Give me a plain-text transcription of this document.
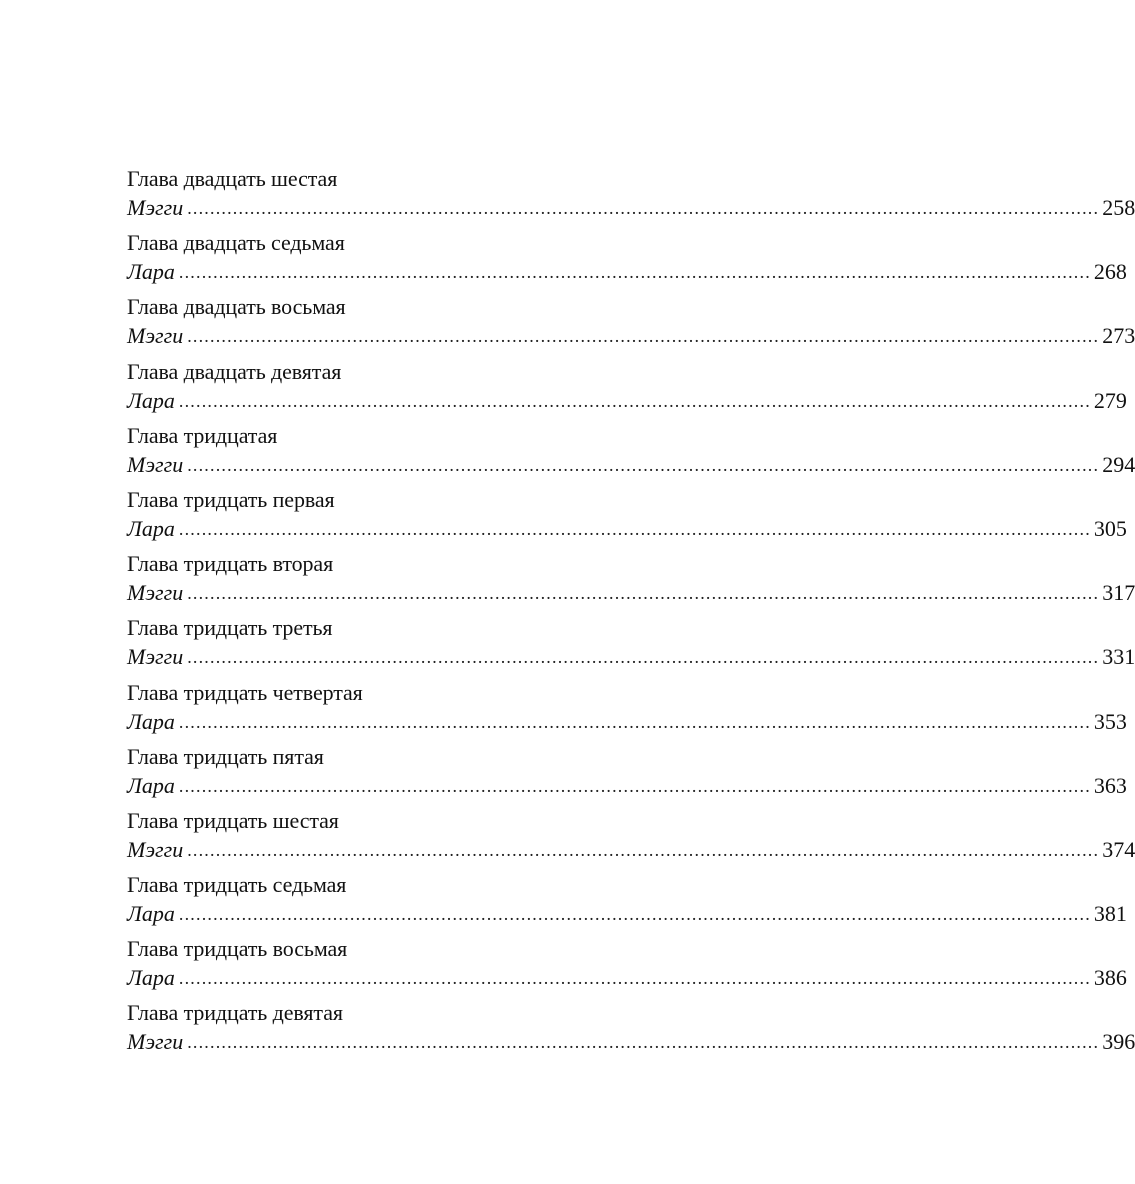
Глава двадцать шестая
Мэгги ................................................................................................................................................................ 258
Глава двадцать седьмая
Лара ................................................................................................................................................................ 268
Глава двадцать восьмая
Мэгги ................................................................................................................................................................ 273
Глава двадцать девятая
Лара ................................................................................................................................................................ 279
Глава тридцатая
Мэгги ................................................................................................................................................................ 294
Глава тридцать первая
Лара ................................................................................................................................................................ 305
Глава тридцать вторая
Мэгги ................................................................................................................................................................ 317
Глава тридцать третья
Мэгги ................................................................................................................................................................ 331
Глава тридцать четвертая
Лара ................................................................................................................................................................ 353
Глава тридцать пятая
Лара ................................................................................................................................................................ 363
Глава тридцать шестая
Мэгги ................................................................................................................................................................ 374
Глава тридцать седьмая
Лара ................................................................................................................................................................ 381
Глава тридцать восьмая
Лара ................................................................................................................................................................ 386
Глава тридцать девятая
Мэгги ................................................................................................................................................................ 396
